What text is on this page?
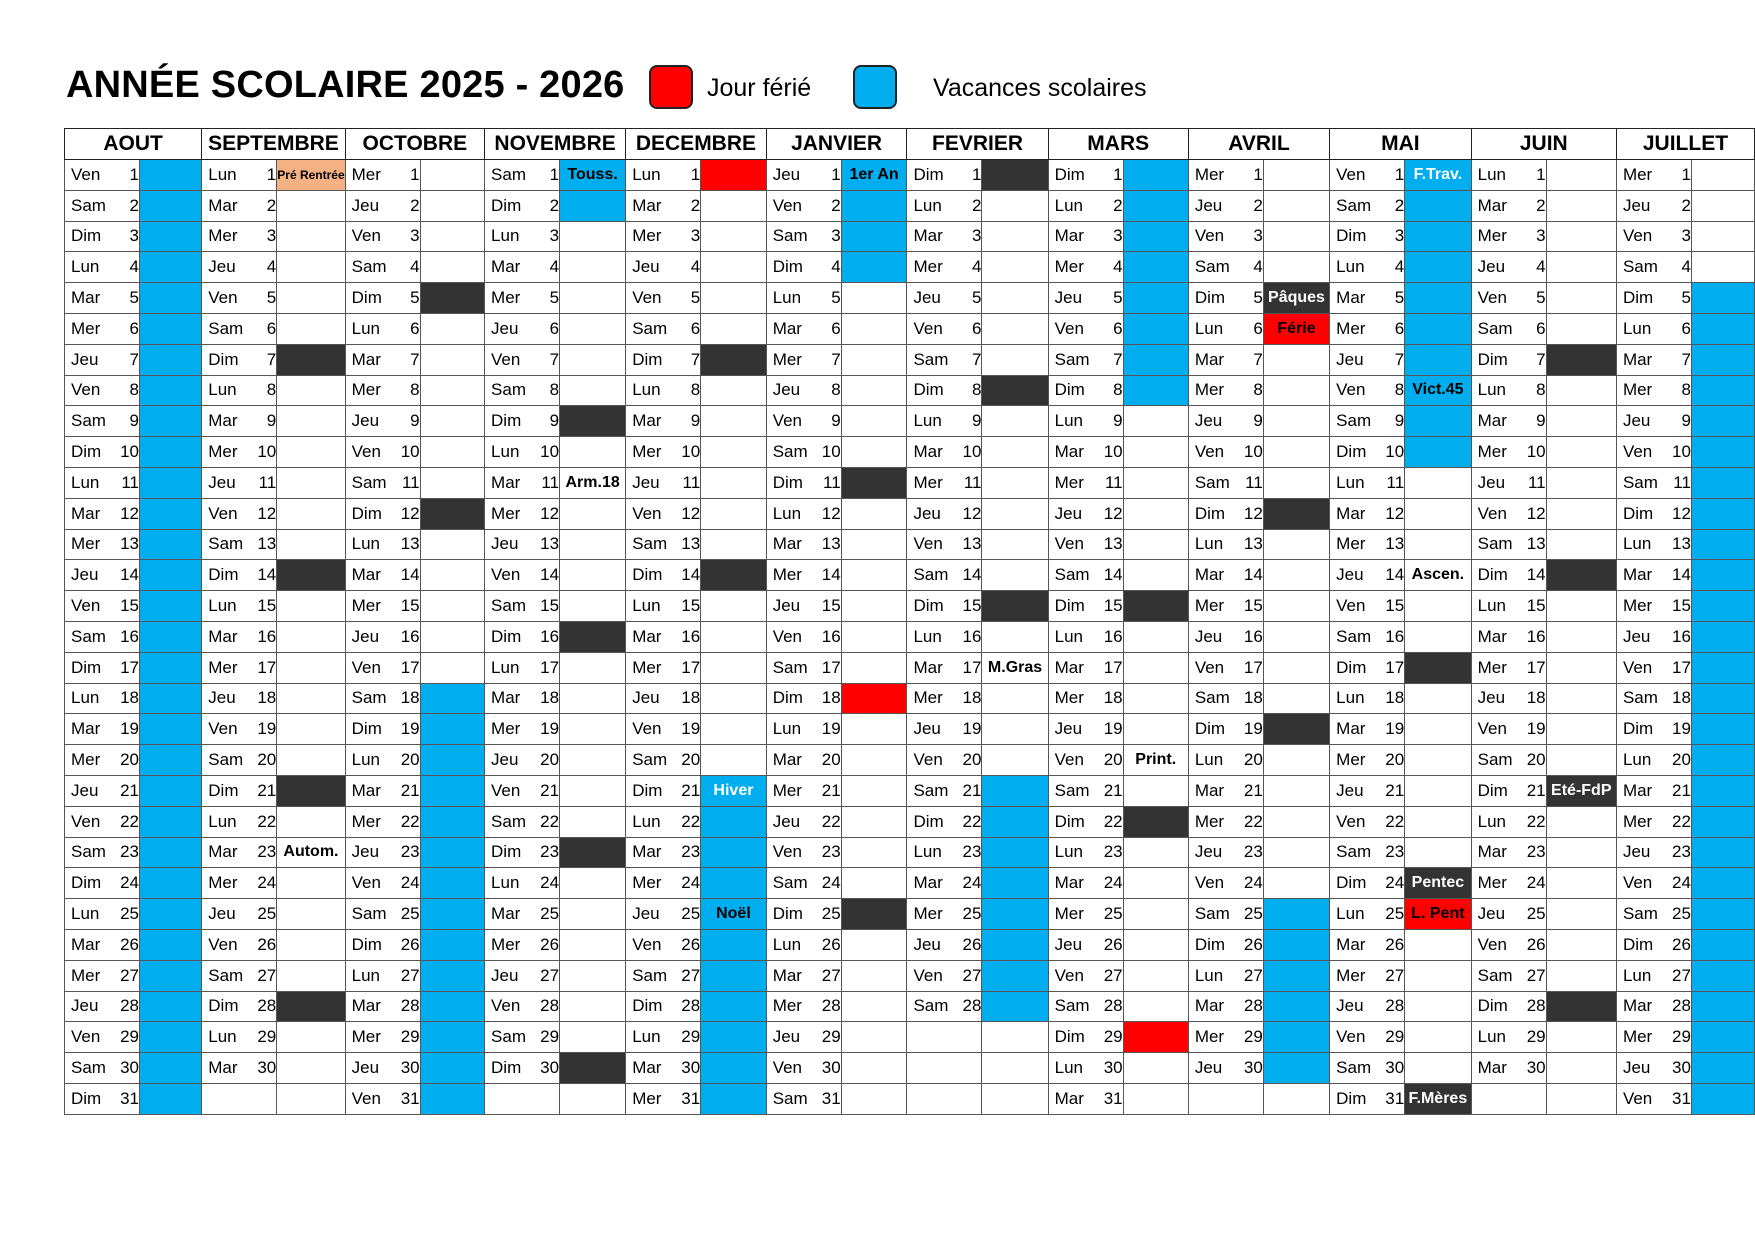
ANNÉE SCOLAIRE 2025 - 2026	Jour férié	Vacances scolaires
AOUT		SEPTEMBRE		OCTOBRE		NOVEMBRE		DECEMBRE		JANVIER		FEVRIER		MARS		AVRIL		MAI		JUIN		JUILLET	
Ven 1		Lun 1	Pré Rentrée	Mer 1		Sam 1	Touss.	Lun 1		Jeu 1	1er An	Dim 1		Dim 1		Mer 1		Ven 1	F.Trav.	Lun 1		Mer 1	
Sam 2		Mar 2		Jeu 2		Dim 2		Mar 2		Ven 2		Lun 2		Lun 2		Jeu 2		Sam 2		Mar 2		Jeu 2	
Dim 3		Mer 3		Ven 3		Lun 3		Mer 3		Sam 3		Mar 3		Mar 3		Ven 3		Dim 3		Mer 3		Ven 3	
Lun 4		Jeu 4		Sam 4		Mar 4		Jeu 4		Dim 4		Mer 4		Mer 4		Sam 4		Lun 4		Jeu 4		Sam 4	
Mar 5		Ven 5		Dim 5		Mer 5		Ven 5		Lun 5		Jeu 5		Jeu 5		Dim 5	Pâques	Mar 5		Ven 5		Dim 5	
Mer 6		Sam 6		Lun 6		Jeu 6		Sam 6		Mar 6		Ven 6		Ven 6		Lun 6	Férie	Mer 6		Sam 6		Lun 6	
Jeu 7		Dim 7		Mar 7		Ven 7		Dim 7		Mer 7		Sam 7		Sam 7		Mar 7		Jeu 7		Dim 7		Mar 7	
Ven 8		Lun 8		Mer 8		Sam 8		Lun 8		Jeu 8		Dim 8		Dim 8		Mer 8		Ven 8	Vict.45	Lun 8		Mer 8	
Sam 9		Mar 9		Jeu 9		Dim 9		Mar 9		Ven 9		Lun 9		Lun 9		Jeu 9		Sam 9		Mar 9		Jeu 9	
Dim 10		Mer 10		Ven 10		Lun 10		Mer 10		Sam 10		Mar 10		Mar 10		Ven 10		Dim 10		Mer 10		Ven 10	
Lun 11		Jeu 11		Sam 11		Mar 11	Arm.18	Jeu 11		Dim 11		Mer 11		Mer 11		Sam 11		Lun 11		Jeu 11		Sam 11	
Mar 12		Ven 12		Dim 12		Mer 12		Ven 12		Lun 12		Jeu 12		Jeu 12		Dim 12		Mar 12		Ven 12		Dim 12	
Mer 13		Sam 13		Lun 13		Jeu 13		Sam 13		Mar 13		Ven 13		Ven 13		Lun 13		Mer 13		Sam 13		Lun 13	
Jeu 14		Dim 14		Mar 14		Ven 14		Dim 14		Mer 14		Sam 14		Sam 14		Mar 14		Jeu 14	Ascen.	Dim 14		Mar 14	
Ven 15		Lun 15		Mer 15		Sam 15		Lun 15		Jeu 15		Dim 15		Dim 15		Mer 15		Ven 15		Lun 15		Mer 15	
Sam 16		Mar 16		Jeu 16		Dim 16		Mar 16		Ven 16		Lun 16		Lun 16		Jeu 16		Sam 16		Mar 16		Jeu 16	
Dim 17		Mer 17		Ven 17		Lun 17		Mer 17		Sam 17		Mar 17	M.Gras	Mar 17		Ven 17		Dim 17		Mer 17		Ven 17	
Lun 18		Jeu 18		Sam 18		Mar 18		Jeu 18		Dim 18		Mer 18		Mer 18		Sam 18		Lun 18		Jeu 18		Sam 18	
Mar 19		Ven 19		Dim 19		Mer 19		Ven 19		Lun 19		Jeu 19		Jeu 19		Dim 19		Mar 19		Ven 19		Dim 19	
Mer 20		Sam 20		Lun 20		Jeu 20		Sam 20		Mar 20		Ven 20		Ven 20	Print.	Lun 20		Mer 20		Sam 20		Lun 20	
Jeu 21		Dim 21		Mar 21		Ven 21		Dim 21	Hiver	Mer 21		Sam 21		Sam 21		Mar 21		Jeu 21		Dim 21	Eté-FdP	Mar 21	
Ven 22		Lun 22		Mer 22		Sam 22		Lun 22		Jeu 22		Dim 22		Dim 22		Mer 22		Ven 22		Lun 22		Mer 22	
Sam 23		Mar 23	Autom.	Jeu 23		Dim 23		Mar 23		Ven 23		Lun 23		Lun 23		Jeu 23		Sam 23		Mar 23		Jeu 23	
Dim 24		Mer 24		Ven 24		Lun 24		Mer 24		Sam 24		Mar 24		Mar 24		Ven 24		Dim 24	Pentec	Mer 24		Ven 24	
Lun 25		Jeu 25		Sam 25		Mar 25		Jeu 25	Noël	Dim 25		Mer 25		Mer 25		Sam 25		Lun 25	L. Pent	Jeu 25		Sam 25	
Mar 26		Ven 26		Dim 26		Mer 26		Ven 26		Lun 26		Jeu 26		Jeu 26		Dim 26		Mar 26		Ven 26		Dim 26	
Mer 27		Sam 27		Lun 27		Jeu 27		Sam 27		Mar 27		Ven 27		Ven 27		Lun 27		Mer 27		Sam 27		Lun 27	
Jeu 28		Dim 28		Mar 28		Ven 28		Dim 28		Mer 28		Sam 28		Sam 28		Mar 28		Jeu 28		Dim 28		Mar 28	
Ven 29		Lun 29		Mer 29		Sam 29		Lun 29		Jeu 29				Dim 29		Mer 29		Ven 29		Lun 29		Mer 29	
Sam 30		Mar 30		Jeu 30		Dim 30		Mar 30		Ven 30				Lun 30		Jeu 30		Sam 30		Mar 30		Jeu 30	
Dim 31				Ven 31				Mer 31		Sam 31				Mar 31				Dim 31	F.Mères			Ven 31	
